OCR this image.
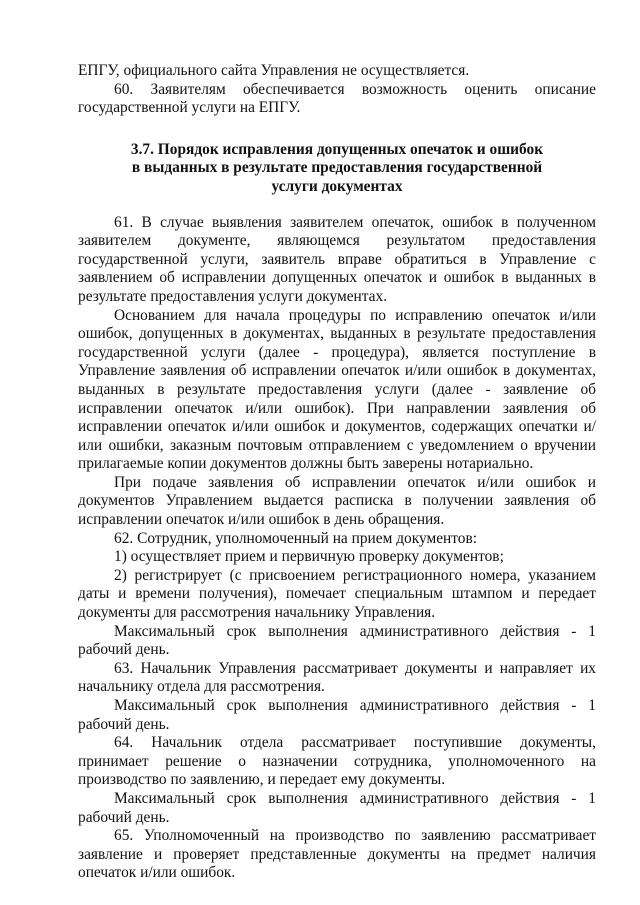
ЕПГУ, официального сайта Управления не осуществляется.

60. Заявителям обеспечивается возможность оценить описание государственной услуги на ЕПГУ.

3.7. Порядок исправления допущенных опечаток и ошибок
в выданных в результате предоставления государственной
услуги документах

61. В случае выявления заявителем опечаток, ошибок в полученном заявителем документе, являющемся результатом предоставления государственной услуги, заявитель вправе обратиться в Управление с заявлением об исправлении допущенных опечаток и ошибок в выданных в результате предоставления услуги документах.

Основанием для начала процедуры по исправлению опечаток и/или ошибок, допущенных в документах, выданных в результате предоставления государственной услуги (далее - процедура), является поступление в Управление заявления об исправлении опечаток и/или ошибок в документах, выданных в результате предоставления услуги (далее - заявление об исправлении опечаток и/или ошибок). При направлении заявления об исправлении опечаток и/или ошибок и документов, содержащих опечатки и/или ошибки, заказным почтовым отправлением с уведомлением о вручении прилагаемые копии документов должны быть заверены нотариально.

При подаче заявления об исправлении опечаток и/или ошибок и документов Управлением выдается расписка в получении заявления об исправлении опечаток и/или ошибок в день обращения.

62. Сотрудник, уполномоченный на прием документов:

1) осуществляет прием и первичную проверку документов;

2) регистрирует (с присвоением регистрационного номера, указанием даты и времени получения), помечает специальным штампом и передает документы для рассмотрения начальнику Управления.

Максимальный срок выполнения административного действия - 1 рабочий день.

63. Начальник Управления рассматривает документы и направляет их начальнику отдела для рассмотрения.

Максимальный срок выполнения административного действия - 1 рабочий день.

64. Начальник отдела рассматривает поступившие документы, принимает решение о назначении сотрудника, уполномоченного на производство по заявлению, и передает ему документы.

Максимальный срок выполнения административного действия - 1 рабочий день.

65. Уполномоченный на производство по заявлению рассматривает заявление и проверяет представленные документы на предмет наличия опечаток и/или ошибок.
